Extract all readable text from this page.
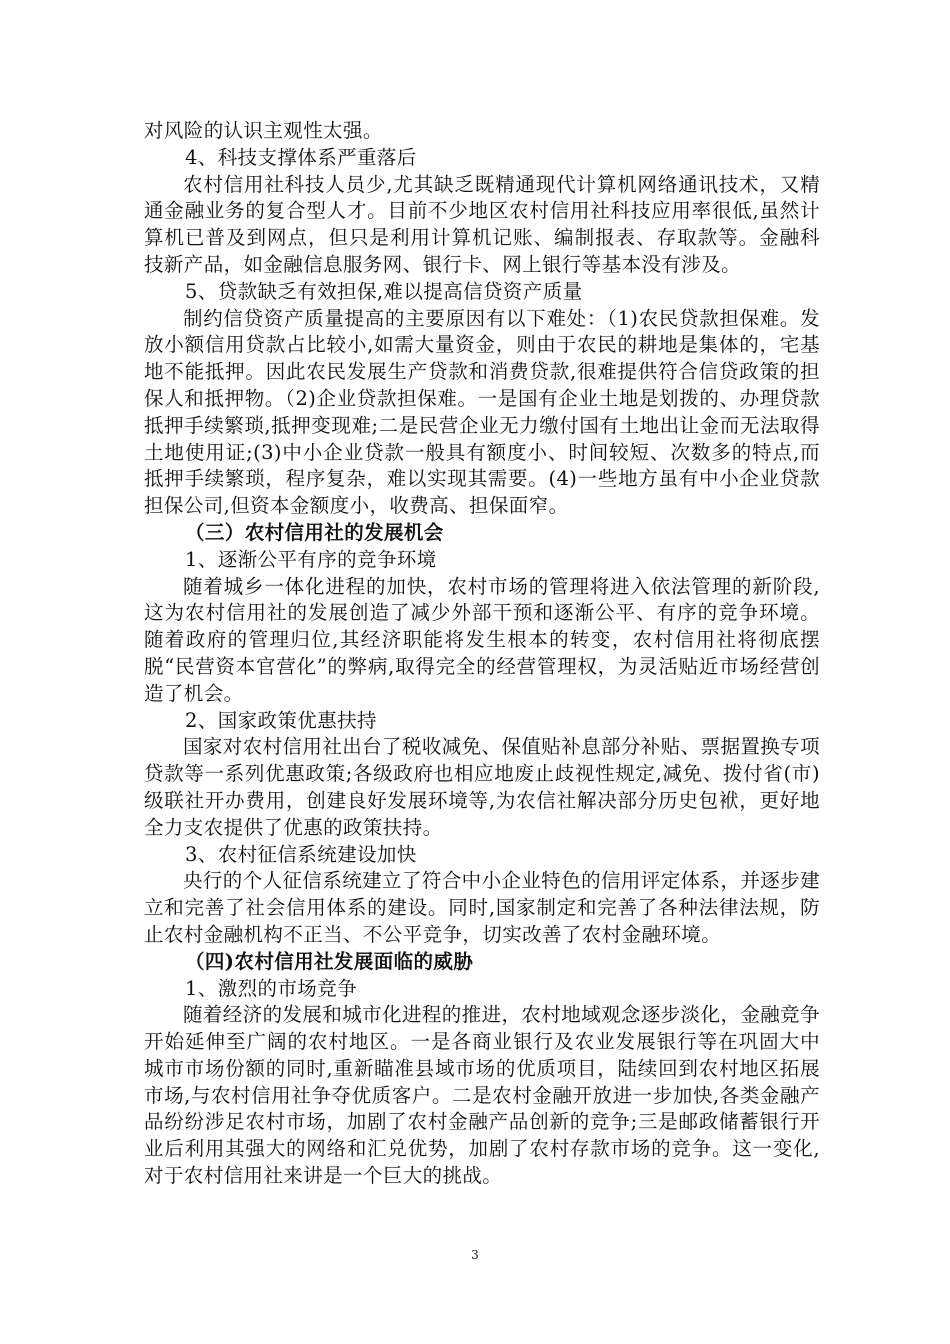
对风险的认识主观性太强。

4、科技支撑体系严重落后

农村信用社科技人员少,尤其缺乏既精通现代计算机网络通讯技术，又精通金融业务的复合型人才。目前不少地区农村信用社科技应用率很低,虽然计算机已普及到网点，但只是利用计算机记账、编制报表、存取款等。金融科技新产品，如金融信息服务网、银行卡、网上银行等基本没有涉及。

5、贷款缺乏有效担保,难以提高信贷资产质量

制约信贷资产质量提高的主要原因有以下难处：（1)农民贷款担保难。发放小额信用贷款占比较小,如需大量资金，则由于农民的耕地是集体的，宅基地不能抵押。因此农民发展生产贷款和消费贷款,很难提供符合信贷政策的担保人和抵押物。（2)企业贷款担保难。一是国有企业土地是划拨的、办理贷款抵押手续繁琐,抵押变现难;二是民营企业无力缴付国有土地出让金而无法取得土地使用证;(3)中小企业贷款一般具有额度小、时间较短、次数多的特点,而抵押手续繁琐，程序复杂，难以实现其需要。(4)一些地方虽有中小企业贷款担保公司,但资本金额度小，收费高、担保面窄。

（三）农村信用社的发展机会

1、逐渐公平有序的竞争环境

随着城乡一体化进程的加快，农村市场的管理将进入依法管理的新阶段,这为农村信用社的发展创造了减少外部干预和逐渐公平、有序的竞争环境。随着政府的管理归位,其经济职能将发生根本的转变，农村信用社将彻底摆脱“民营资本官营化”的弊病,取得完全的经营管理权，为灵活贴近市场经营创造了机会。

2、国家政策优惠扶持

国家对农村信用社出台了税收减免、保值贴补息部分补贴、票据置换专项贷款等一系列优惠政策;各级政府也相应地废止歧视性规定,减免、拨付省(市)级联社开办费用，创建良好发展环境等,为农信社解决部分历史包袱，更好地全力支农提供了优惠的政策扶持。

3、农村征信系统建设加快

央行的个人征信系统建立了符合中小企业特色的信用评定体系，并逐步建立和完善了社会信用体系的建设。同时,国家制定和完善了各种法律法规，防止农村金融机构不正当、不公平竞争，切实改善了农村金融环境。

（四)农村信用社发展面临的威胁

1、激烈的市场竞争

随着经济的发展和城市化进程的推进，农村地域观念逐步淡化，金融竞争开始延伸至广阔的农村地区。一是各商业银行及农业发展银行等在巩固大中城市市场份额的同时,重新瞄准县域市场的优质项目，陆续回到农村地区拓展市场,与农村信用社争夺优质客户。二是农村金融开放进一步加快,各类金融产品纷纷涉足农村市场，加剧了农村金融产品创新的竞争;三是邮政储蓄银行开业后利用其强大的网络和汇兑优势，加剧了农村存款市场的竞争。这一变化,对于农村信用社来讲是一个巨大的挑战。

3
